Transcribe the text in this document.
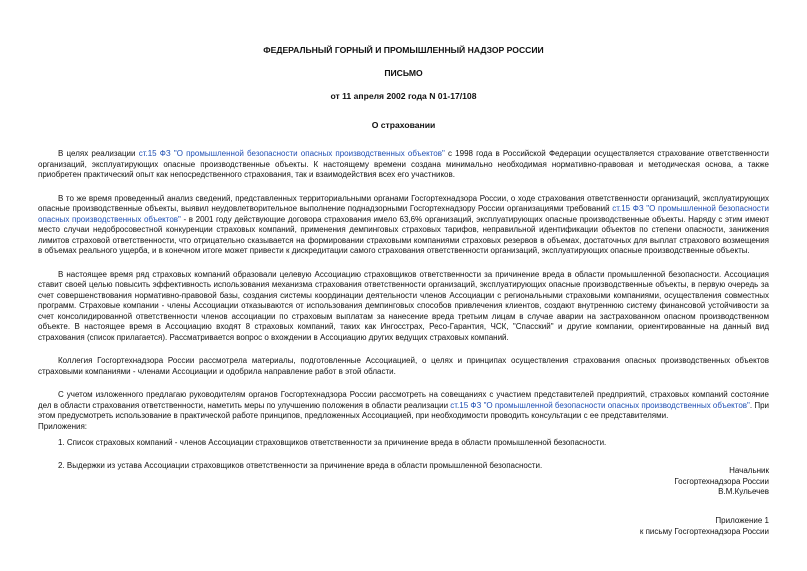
ФЕДЕРАЛЬНЫЙ ГОРНЫЙ И ПРОМЫШЛЕННЫЙ НАДЗОР РОССИИ
ПИСЬМО
от 11 апреля 2002 года N 01-17/108
О страховании

В целях реализации ст.15 ФЗ "О промышленной безопасности опасных производственных объектов" с 1998 года в Российской Федерации осуществляется страхование ответственности организаций, эксплуатирующих опасные производственные объекты. К настоящему времени создана минимально необходимая нормативно-правовая и методическая основа, а также приобретен практический опыт как непосредственного страхования, так и взаимодействия всех его участников.

В то же время проведенный анализ сведений, представленных территориальными органами Госгортехнадзора России, о ходе страхования ответственности организаций, эксплуатирующих опасные производственные объекты, выявил неудовлетворительное выполнение поднадзорными Госгортехнадзору России организациями требований ст.15 ФЗ "О промышленной безопасности опасных производственных объектов" - в 2001 году действующие договора страхования имело 63,6% организаций, эксплуатирующих опасные производственные объекты. Наряду с этим имеют место случаи недобросовестной конкуренции страховых компаний, применения демпинговых страховых тарифов, неправильной идентификации объектов по степени опасности, занижения лимитов страховой ответственности, что отрицательно сказывается на формировании страховыми компаниями страховых резервов в объемах, достаточных для выплат страхового возмещения в объемах реального ущерба, и в конечном итоге может привести к дискредитации самого страхования ответственности организаций, эксплуатирующих опасные производственные объекты.

В настоящее время ряд страховых компаний образовали целевую Ассоциацию страховщиков ответственности за причинение вреда в области промышленной безопасности. Ассоциация ставит своей целью повысить эффективность использования механизма страхования ответственности организаций, эксплуатирующих опасные производственные объекты, в первую очередь за счет совершенствования нормативно-правовой базы, создания системы координации деятельности членов Ассоциации с региональными страховыми компаниями, осуществления совместных программ. Страховые компании - члены Ассоциации отказываются от использования демпинговых способов привлечения клиентов, создают внутреннюю систему финансовой устойчивости за счет консолидированной ответственности членов ассоциации по страховым выплатам за нанесение вреда третьим лицам в случае аварии на застрахованном опасном производственном объекте. В настоящее время в Ассоциацию входят 8 страховых компаний, таких как Ингосстрах, Ресо-Гарантия, ЧСК, "Спасский" и другие компании, ориентированные на данный вид страхования (список прилагается). Рассматривается вопрос о вхождении в Ассоциацию других ведущих страховых компаний.

Коллегия Госгортехнадзора России рассмотрела материалы, подготовленные Ассоциацией, о целях и принципах осуществления страхования опасных производственных объектов страховыми компаниями - членами Ассоциации и одобрила направление работ в этой области.

С учетом изложенного предлагаю руководителям органов Госгортехнадзора России рассмотреть на совещаниях с участием представителей предприятий, страховых компаний состояние дел в области страхования ответственности, наметить меры по улучшению положения в области реализации ст.15 ФЗ "О промышленной безопасности опасных производственных объектов". При этом предусмотреть использование в практической работе принципов, предложенных Ассоциацией, при необходимости проводить консультации с ее представителями.

Приложения:

1. Список страховых компаний - членов Ассоциации страховщиков ответственности за причинение вреда в области промышленной безопасности.

2. Выдержки из устава Ассоциации страховщиков ответственности за причинение вреда в области промышленной безопасности.

Начальник
Госгортехнадзора России
В.М.Кульечев
Приложение 1
к письму Госгортехнадзора России
